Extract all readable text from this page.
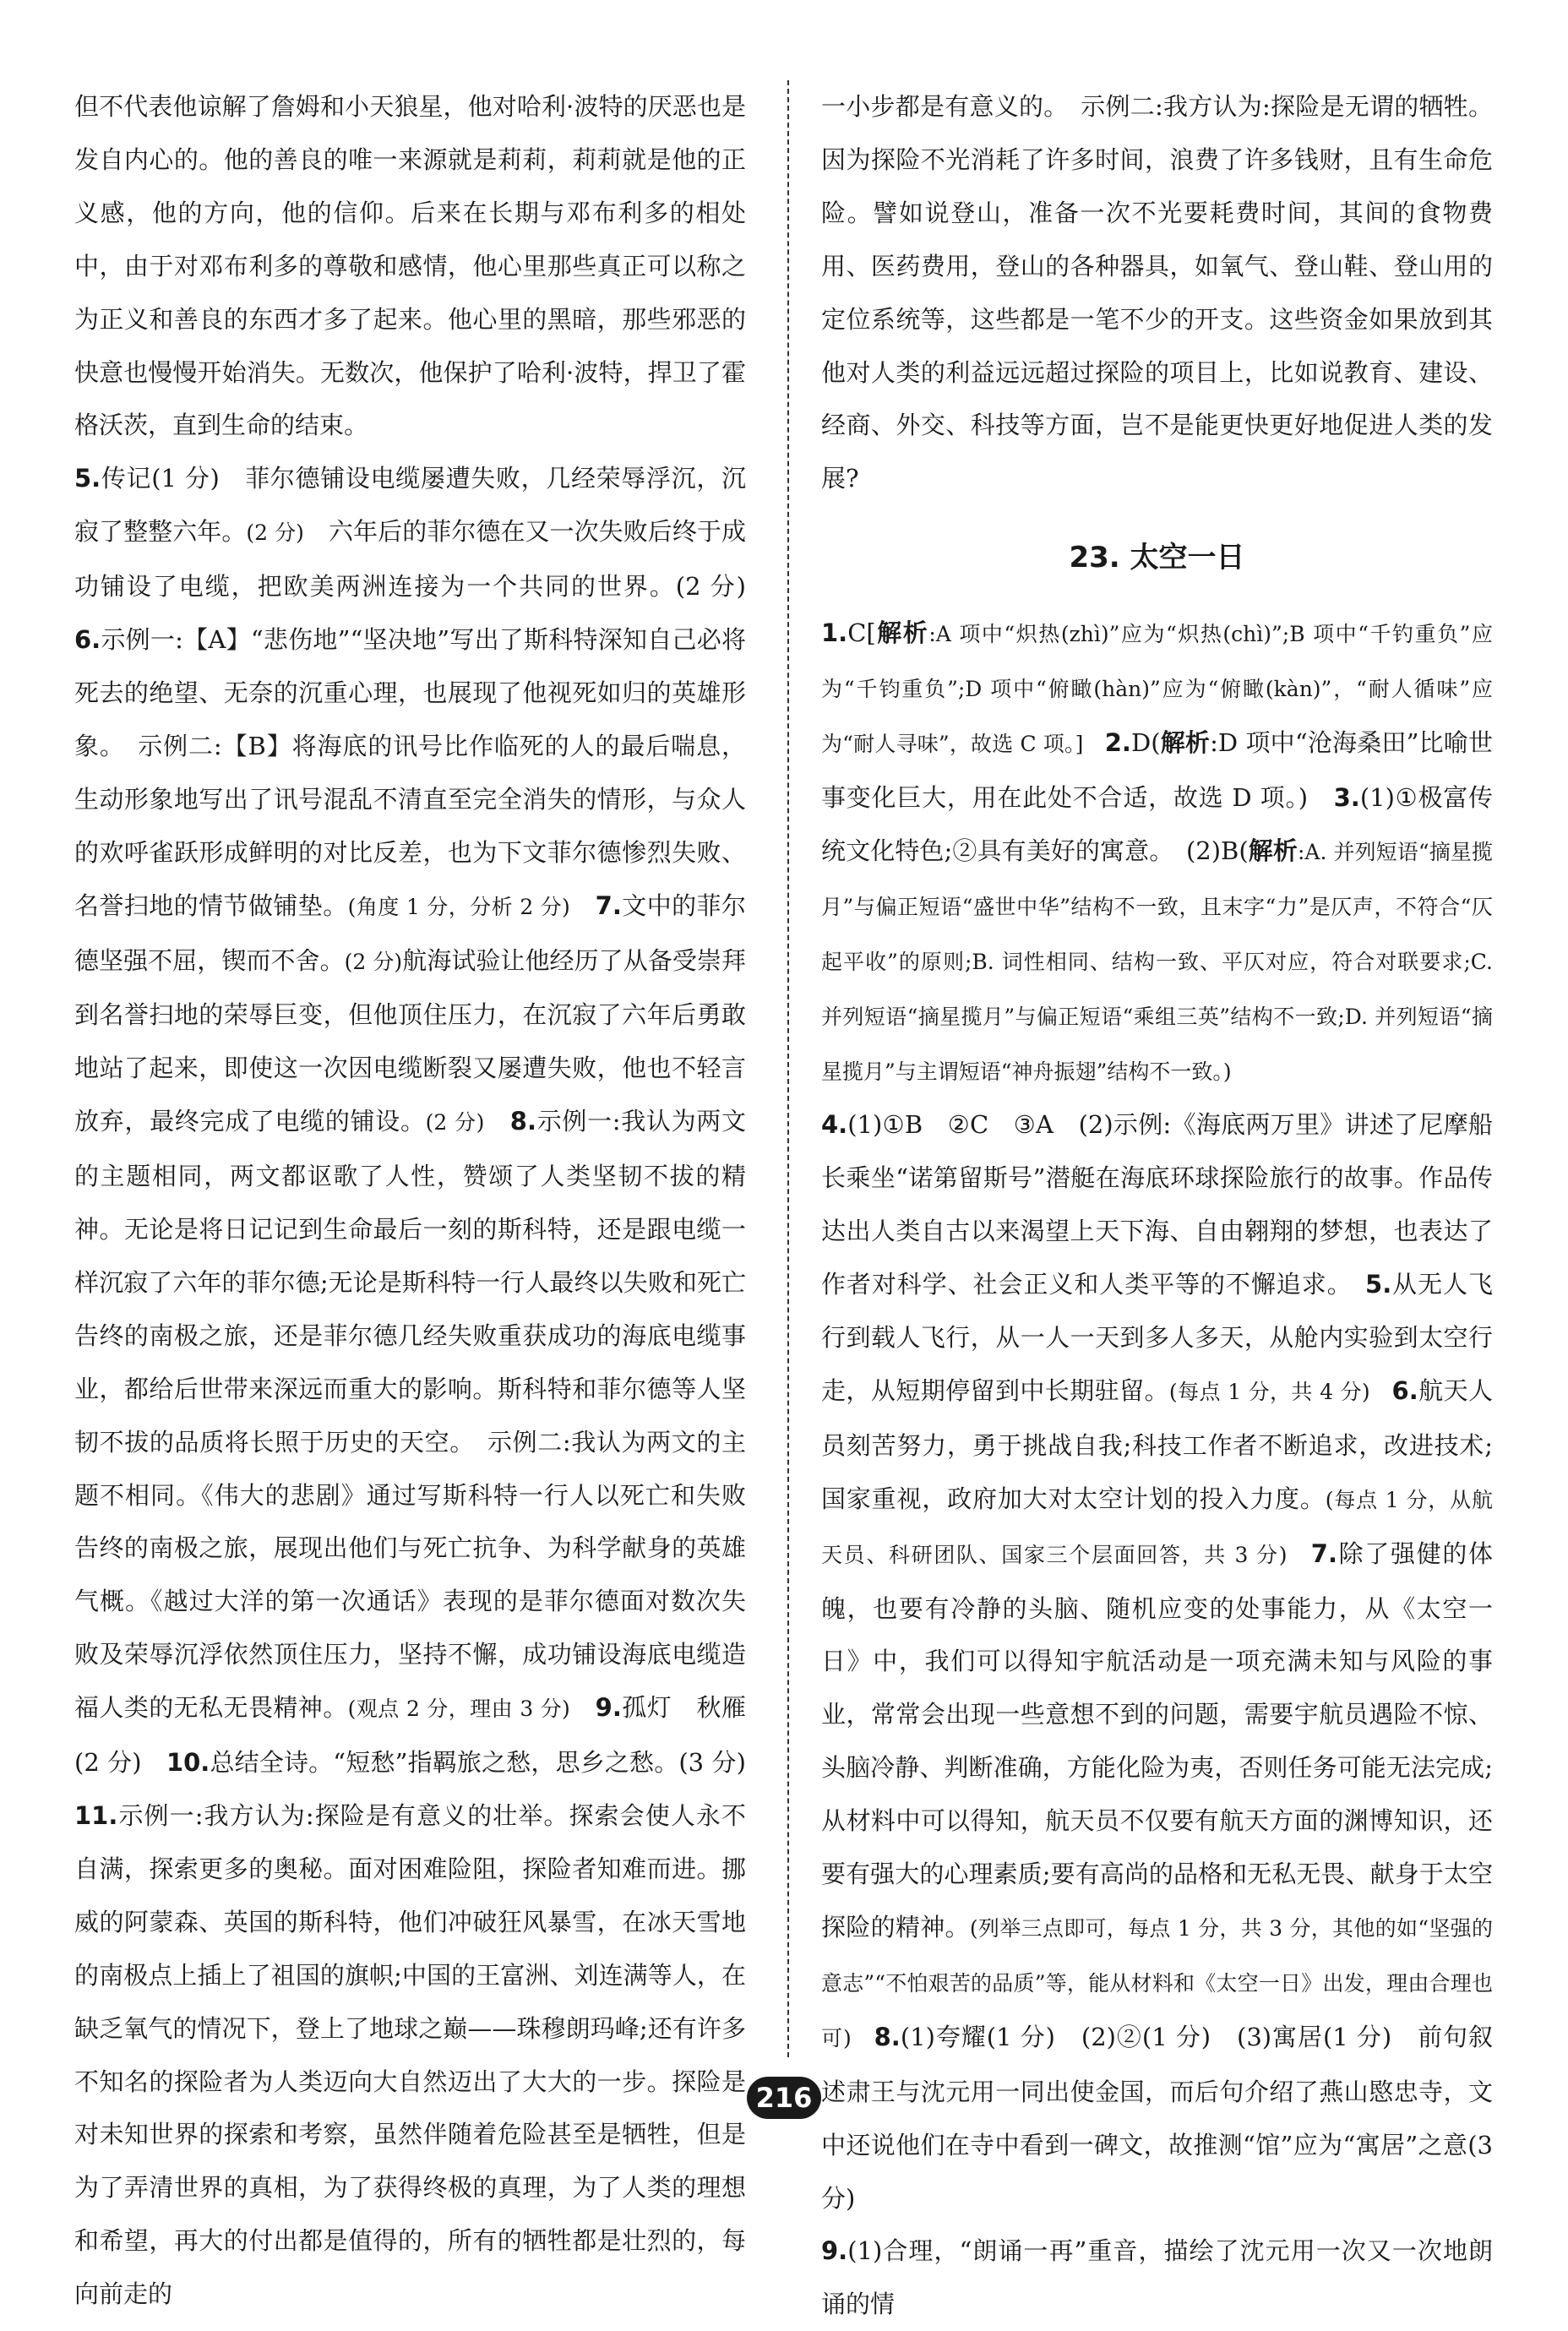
但不代表他谅解了詹姆和小天狼星，他对哈利·波特的厌恶也是发自内心的。他的善良的唯一来源就是莉莉，莉莉就是他的正义感，他的方向，他的信仰。后来在长期与邓布利多的相处中，由于对邓布利多的尊敬和感情，他心里那些真正可以称之为正义和善良的东西才多了起来。他心里的黑暗，那些邪恶的快意也慢慢开始消失。无数次，他保护了哈利·波特，捍卫了霍格沃茨，直到生命的结束。

5.传记(1 分)　菲尔德铺设电缆屡遭失败，几经荣辱浮沉，沉寂了整整六年。(2 分)　六年后的菲尔德在又一次失败后终于成功铺设了电缆，把欧美两洲连接为一个共同的世界。(2 分)　6.示例一:【A】“悲伤地”“坚决地”写出了斯科特深知自己必将死去的绝望、无奈的沉重心理，也展现了他视死如归的英雄形象。　示例二:【B】将海底的讯号比作临死的人的最后喘息，生动形象地写出了讯号混乱不清直至完全消失的情形，与众人的欢呼雀跃形成鲜明的对比反差，也为下文菲尔德惨烈失败、名誉扫地的情节做铺垫。(角度 1 分，分析 2 分)　 7.文中的菲尔德坚强不屈，锲而不舍。(2 分)航海试验让他经历了从备受崇拜到名誉扫地的荣辱巨变，但他顶住压力，在沉寂了六年后勇敢地站了起来，即使这一次因电缆断裂又屡遭失败，他也不轻言放弃，最终完成了电缆的铺设。(2 分)　 8.示例一:我认为两文的主题相同，两文都讴歌了人性，赞颂了人类坚韧不拔的精神。无论是将日记记到生命最后一刻的斯科特，还是跟电缆一样沉寂了六年的菲尔德;无论是斯科特一行人最终以失败和死亡告终的南极之旅，还是菲尔德几经失败重获成功的海底电缆事业，都给后世带来深远而重大的影响。斯科特和菲尔德等人坚韧不拔的品质将长照于历史的天空。　示例二:我认为两文的主题不相同。《伟大的悲剧》通过写斯科特一行人以死亡和失败告终的南极之旅，展现出他们与死亡抗争、为科学献身的英雄气概。《越过大洋的第一次通话》表现的是菲尔德面对数次失败及荣辱沉浮依然顶住压力，坚持不懈，成功铺设海底电缆造福人类的无私无畏精神。(观点 2 分，理由 3 分)　 9.孤灯　秋雁(2 分)　10.总结全诗。“短愁”指羁旅之愁，思乡之愁。(3 分)　11.示例一:我方认为:探险是有意义的壮举。探索会使人永不自满，探索更多的奥秘。面对困难险阻，探险者知难而进。挪威的阿蒙森、英国的斯科特，他们冲破狂风暴雪，在冰天雪地的南极点上插上了祖国的旗帜;中国的王富洲、刘连满等人，在缺乏氧气的情况下，登上了地球之巅——珠穆朗玛峰;还有许多不知名的探险者为人类迈向大自然迈出了大大的一步。探险是对未知世界的探索和考察，虽然伴随着危险甚至是牺牲，但是为了弄清世界的真相，为了获得终极的真理，为了人类的理想和希望，再大的付出都是值得的，所有的牺牲都是壮烈的，每向前走的

一小步都是有意义的。　示例二:我方认为:探险是无谓的牺牲。因为探险不光消耗了许多时间，浪费了许多钱财，且有生命危险。譬如说登山，准备一次不光要耗费时间，其间的食物费用、医药费用，登山的各种器具，如氧气、登山鞋、登山用的定位系统等，这些都是一笔不少的开支。这些资金如果放到其他对人类的利益远远超过探险的项目上，比如说教育、建设、经商、外交、科技等方面，岂不是能更快更好地促进人类的发展?

23. 太空一日

1.C[解析:A 项中“炽热(zhì)”应为“炽热(chì)”;B 项中“千钓重负”应为“千钧重负”;D 项中“俯瞰(hàn)”应为“俯瞰(kàn)”，“耐人循味”应为“耐人寻味”，故选 C 项。]　2.D(解析:D 项中“沧海桑田”比喻世事变化巨大，用在此处不合适，故选 D 项。)　3.(1)①极富传统文化特色;②具有美好的寓意。　(2)B(解析:A. 并列短语“摘星揽月”与偏正短语“盛世中华”结构不一致，且末字“力”是仄声，不符合“仄起平收”的原则;B. 词性相同、结构一致、平仄对应，符合对联要求;C. 并列短语“摘星揽月”与偏正短语“乘组三英”结构不一致;D. 并列短语“摘星揽月”与主谓短语“神舟振翅”结构不一致。)

4.(1)①B　②C　③A　(2)示例:《海底两万里》讲述了尼摩船长乘坐“诺第留斯号”潜艇在海底环球探险旅行的故事。作品传达出人类自古以来渴望上天下海、自由翱翔的梦想，也表达了作者对科学、社会正义和人类平等的不懈追求。　5.从无人飞行到载人飞行，从一人一天到多人多天，从舱内实验到太空行走，从短期停留到中长期驻留。(每点 1 分，共 4 分)　6.航天人员刻苦努力，勇于挑战自我;科技工作者不断追求，改进技术;国家重视，政府加大对太空计划的投入力度。(每点 1 分，从航天员、科研团队、国家三个层面回答，共 3 分)　7.除了强健的体魄，也要有冷静的头脑、随机应变的处事能力，从《太空一日》中，我们可以得知宇航活动是一项充满未知与风险的事业，常常会出现一些意想不到的问题，需要宇航员遇险不惊、头脑冷静、判断准确，方能化险为夷，否则任务可能无法完成;从材料中可以得知，航天员不仅要有航天方面的渊博知识，还要有强大的心理素质;要有高尚的品格和无私无畏、献身于太空探险的精神。(列举三点即可，每点 1 分，共 3 分，其他的如“坚强的意志”“不怕艰苦的品质”等，能从材料和《太空一日》出发，理由合理也可)　8.(1)夸耀(1 分)　(2)②(1 分)　(3)寓居(1 分)　前句叙述肃王与沈元用一同出使金国，而后句介绍了燕山愍忠寺，文中还说他们在寺中看到一碑文，故推测“馆”应为“寓居”之意(3 分)

9.(1)合理，“朗诵一再”重音，描绘了沈元用一次又一次地朗诵的情

216
